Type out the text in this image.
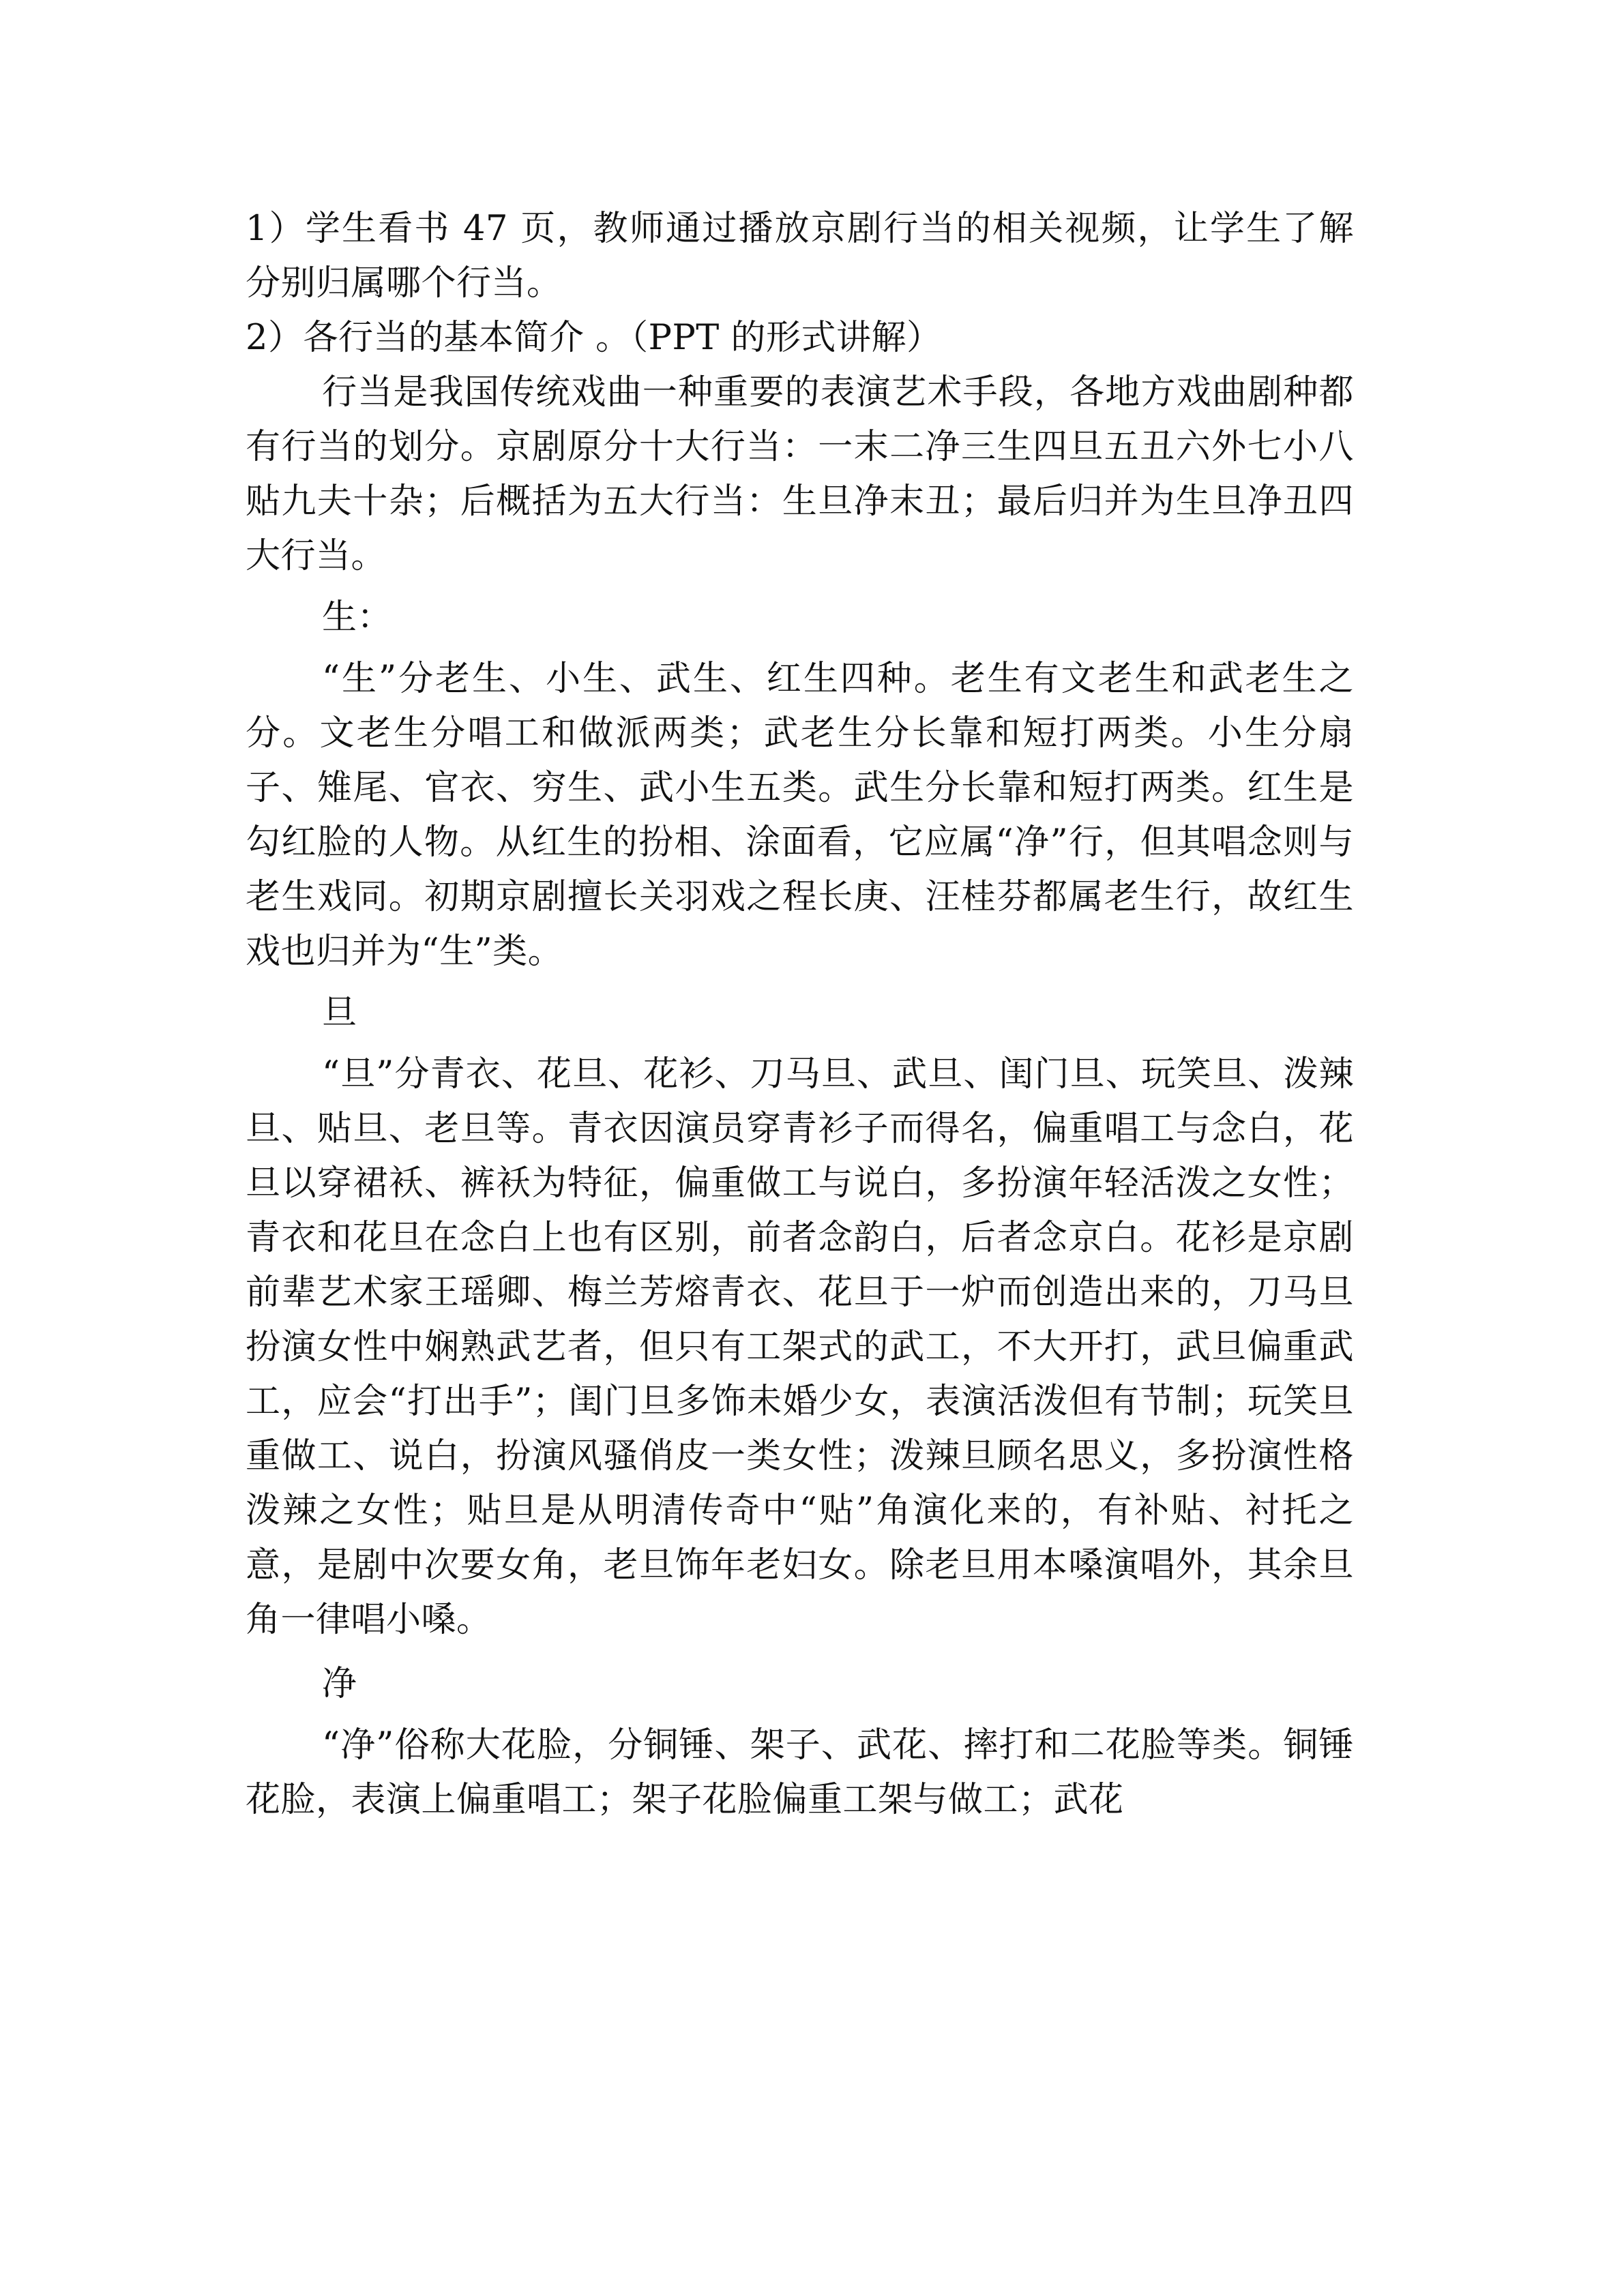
1）学生看书 47 页，教师通过播放京剧行当的相关视频，让学生了解分别归属哪个行当。

2）各行当的基本简介 。（PPT 的形式讲解）

行当是我国传统戏曲一种重要的表演艺术手段，各地方戏曲剧种都有行当的划分。京剧原分十大行当：一末二净三生四旦五丑六外七小八贴九夫十杂；后概括为五大行当：生旦净末丑；最后归并为生旦净丑四大行当。

生：

“生”分老生、小生、武生、红生四种。老生有文老生和武老生之分。文老生分唱工和做派两类；武老生分长靠和短打两类。小生分扇子、雉尾、官衣、穷生、武小生五类。武生分长靠和短打两类。红生是勾红脸的人物。从红生的扮相、涂面看，它应属“净”行，但其唱念则与老生戏同。初期京剧擅长关羽戏之程长庚、汪桂芬都属老生行，故红生戏也归并为“生”类。

旦

“旦”分青衣、花旦、花衫、刀马旦、武旦、闺门旦、玩笑旦、泼辣旦、贴旦、老旦等。青衣因演员穿青衫子而得名，偏重唱工与念白，花旦以穿裙袄、裤袄为特征，偏重做工与说白，多扮演年轻活泼之女性；青衣和花旦在念白上也有区别，前者念韵白，后者念京白。花衫是京剧前辈艺术家王瑶卿、梅兰芳熔青衣、花旦于一炉而创造出来的，刀马旦扮演女性中娴熟武艺者，但只有工架式的武工，不大开打，武旦偏重武工，应会“打出手”；闺门旦多饰未婚少女，表演活泼但有节制；玩笑旦重做工、说白，扮演风骚俏皮一类女性；泼辣旦顾名思义，多扮演性格泼辣之女性；贴旦是从明清传奇中“贴”角演化来的，有补贴、衬托之意，是剧中次要女角，老旦饰年老妇女。除老旦用本嗓演唱外，其余旦角一律唱小嗓。

净

“净”俗称大花脸，分铜锤、架子、武花、摔打和二花脸等类。铜锤花脸，表演上偏重唱工；架子花脸偏重工架与做工；武花
